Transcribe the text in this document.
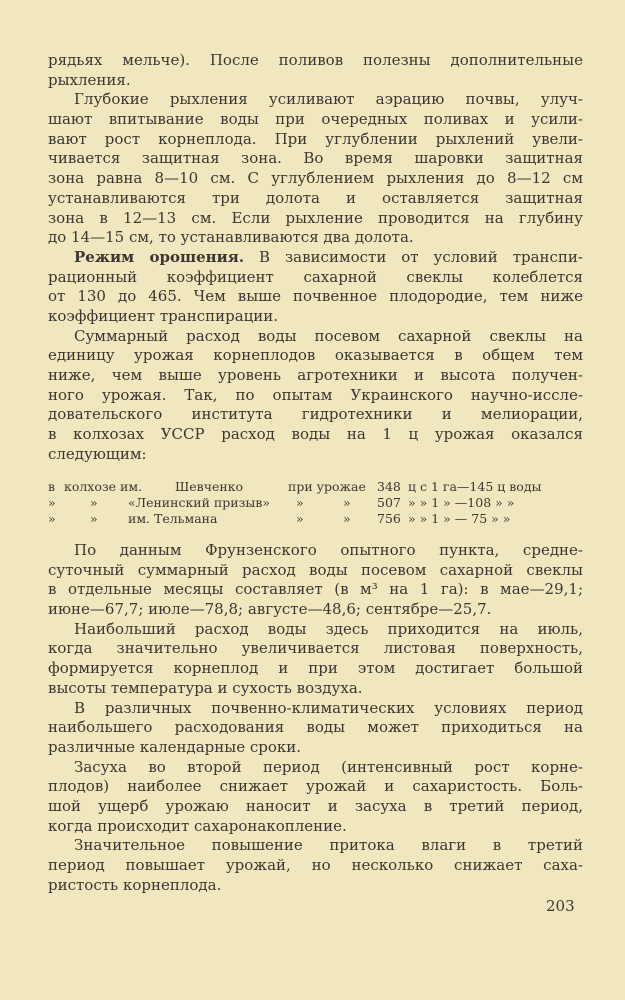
рядьях мельче). После поливов полезны дополнительные
рыхления.
Глубокие рыхления усиливают аэрацию почвы, улуч-
шают впитывание воды при очередных поливах и усили-
вают рост корнеплода. При углублении рыхлений увели-
чивается защитная зона. Во время шаровки защитная
зона равна 8—10 см. С углублением рыхления до 8—12 см
устанавливаются три долота и оставляется защитная
зона в 12—13 см. Если рыхление проводится на глубину
до 14—15 см, то устанавливаются два долота.
Режим орошения. В зависимости от условий транспи-
рационный коэффициент сахарной свеклы колеблется
от 130 до 465. Чем выше почвенное плодородие, тем ниже
коэффициент транспирации.
Суммарный расход воды посевом сахарной свеклы на
единицу урожая корнеплодов оказывается в общем тем
ниже, чем выше уровень агротехники и высота получен-
ного урожая. Так, по опытам Украинского научно-иссле-
довательского института гидротехники и мелиорации,
в колхозах УССР расход воды на 1 ц урожая оказался
следующим:
в колхозе им.	Шевченко	при урожае 348 ц с 1 га—145 ц воды
»	» «Ленинский призыв» »	» 507 » » 1 » —108 » »
»	» им. Тельмана	»	» 756 » » 1 » — 75 » »
По данным Фрунзенского опытного пункта, средне-
суточный суммарный расход воды посевом сахарной свеклы
в отдельные месяцы составляет (в м³ на 1 га): в мае—29,1;
июне—67,7; июле—78,8; августе—48,6; сентябре—25,7.
Наибольший расход воды здесь приходится на июль,
когда значительно увеличивается листовая поверхность,
формируется корнеплод и при этом достигает большой
высоты температура и сухость воздуха.
В различных почвенно-климатических условиях период
наибольшего расходования воды может приходиться на
различные календарные сроки.
Засуха во второй период (интенсивный рост корне-
плодов) наиболее снижает урожай и сахаристость. Боль-
шой ущерб урожаю наносит и засуха в третий период,
когда происходит сахаронакопление.
Значительное повышение притока влаги в третий
период повышает урожай, но несколько снижает саха-
ристость корнеплода.
203
